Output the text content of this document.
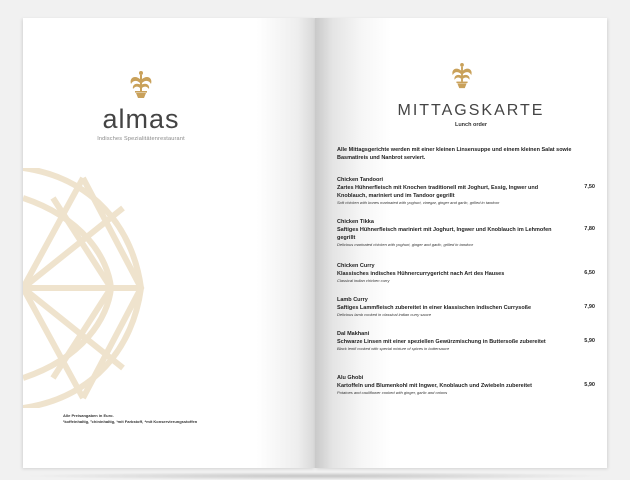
almas
Indisches Spezialitätenrestaurant
Alle Preisangaben in Euro.
¹koffeinhaltig, ²chininhaltig, ³mit Farbstoff, ⁴mit Konservierungsstoffen
MITTAGSKARTE
Lunch order
Alle Mittagsgerichte werden mit einer kleinen Linsensuppe und einem kleinen Salat sowie Basmatireis und Nanbrot serviert.
Chicken Tandoori
Zartes Hühnerfleisch mit Knochen traditionell mit Joghurt, Essig, Ingwer und Knoblauch, mariniert und im Tandoor gegrillt
Soft chicken with bones marinated with yoghurt, vinegar, ginger and garlic, grilled in tandoor
7,50
Chicken Tikka
Saftiges Hühnerfleisch mariniert mit Joghurt, Ingwer und Knoblauch im Lehmofen gegrillt
Delicious marinated chicken with yoghurt, ginger and garlic, grilled in tandoor
7,80
Chicken Curry
Klassisches indisches Hühnercurrygericht nach Art des Hauses
Classical indian chicken curry
6,50
Lamb Curry
Saftiges Lammfleisch zubereitet in einer klassischen indischen Currysoße
Delicious lamb cooked in classical indian curry sauce
7,90
Dal Makhani
Schwarze Linsen mit einer speziellen Gewürzmischung in Buttersoße zubereitet
Black lentil cooked with special mixture of spices in buttersauce
5,90
Alu Ghobi
Kartoffeln und Blumenkohl mit Ingwer, Knoblauch und Zwiebeln zubereitet
Potatoes and cauliflower cooked with ginger, garlic and onions
5,90
